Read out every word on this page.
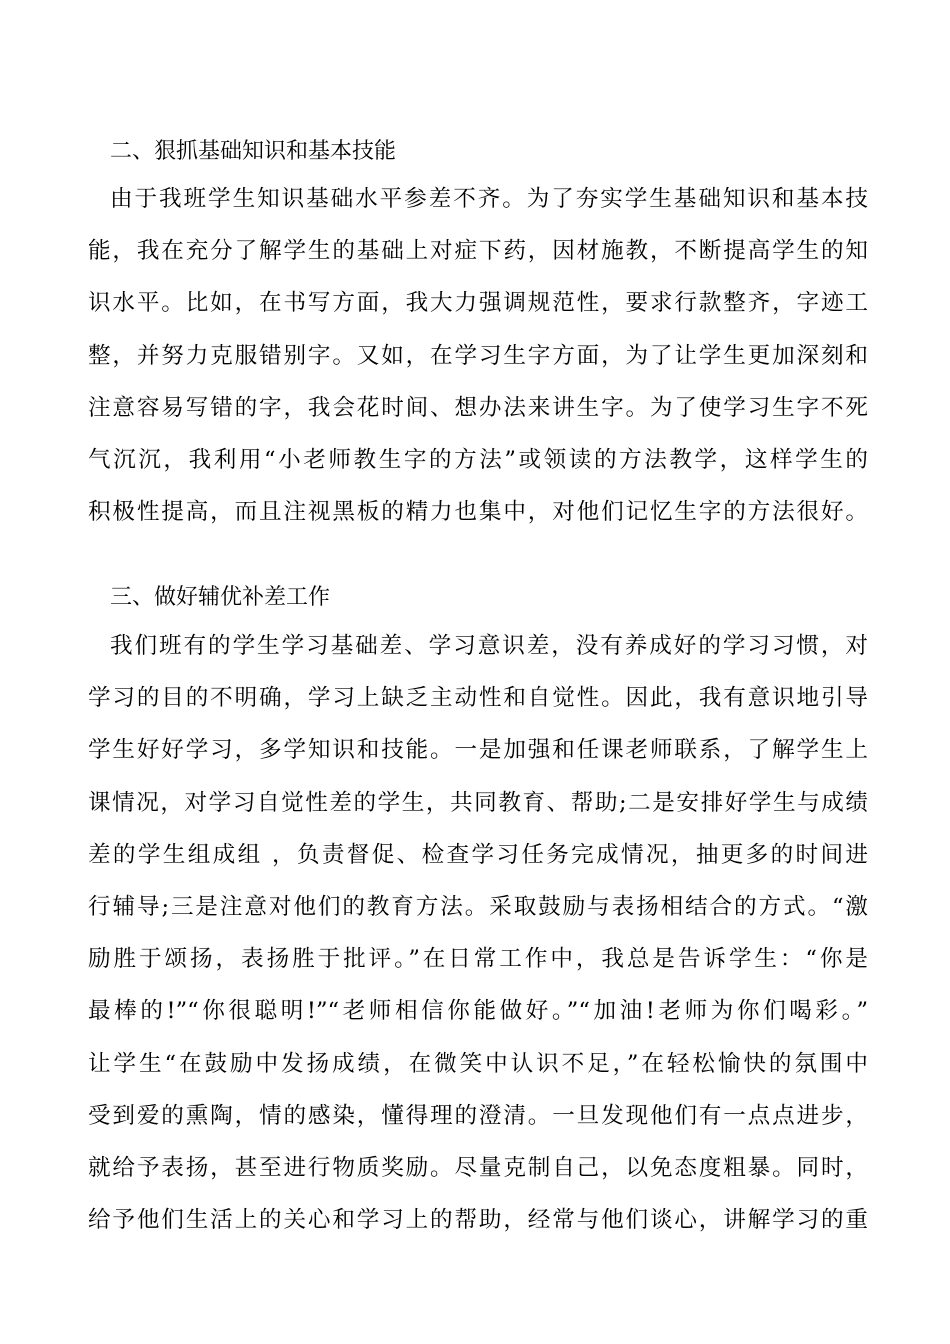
二、狠抓基础知识和基本技能
由于我班学生知识基础水平参差不齐。为了夯实学生基础知识和基本技
能，我在充分了解学生的基础上对症下药，因材施教，不断提高学生的知
识水平。比如，在书写方面，我大力强调规范性，要求行款整齐，字迹工
整，并努力克服错别字。又如，在学习生字方面，为了让学生更加深刻和
注意容易写错的字，我会花时间、想办法来讲生字。为了使学习生字不死
气沉沉，我利用“小老师教生字的方法”或领读的方法教学，这样学生的
积极性提高，而且注视黑板的精力也集中，对他们记忆生字的方法很好。
三、做好辅优补差工作
我们班有的学生学习基础差、学习意识差，没有养成好的学习习惯，对
学习的目的不明确，学习上缺乏主动性和自觉性。因此，我有意识地引导
学生好好学习，多学知识和技能。一是加强和任课老师联系，了解学生上
课情况，对学习自觉性差的学生，共同教育、帮助;二是安排好学生与成绩
差的学生组成组 ，负责督促、检查学习任务完成情况，抽更多的时间进
行辅导;三是注意对他们的教育方法。采取鼓励与表扬相结合的方式。“激
励胜于颂扬，表扬胜于批评。”在日常工作中，我总是告诉学生：“你是
最棒的!”“你很聪明!”“老师相信你能做好。”“加油!老师为你们喝彩。”
让学生“在鼓励中发扬成绩，在微笑中认识不足，”在轻松愉快的氛围中
受到爱的熏陶，情的感染，懂得理的澄清。一旦发现他们有一点点进步，
就给予表扬，甚至进行物质奖励。尽量克制自己，以免态度粗暴。同时，
给予他们生活上的关心和学习上的帮助，经常与他们谈心，讲解学习的重
